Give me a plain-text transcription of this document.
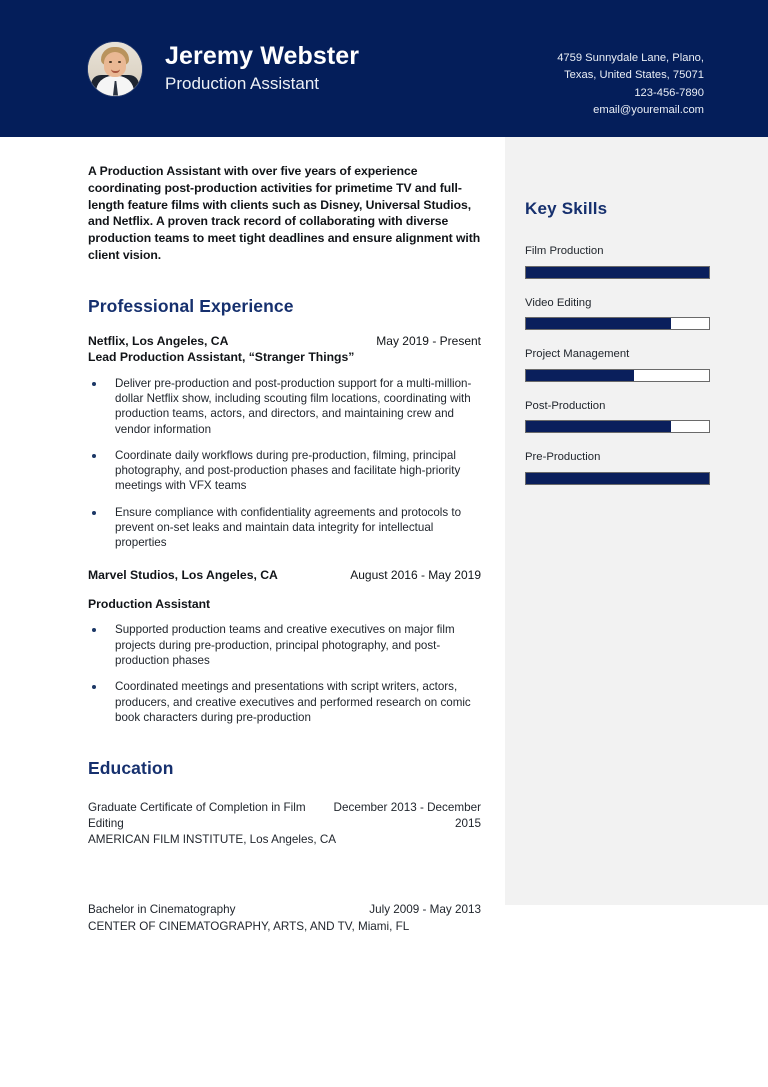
Jeremy Webster
Production Assistant
4759 Sunnydale Lane, Plano,
Texas, United States, 75071
123-456-7890
email@youremail.com
Key Skills
Film Production
Video Editing
Project Management
Post-Production
Pre-Production
A Production Assistant with over five years of experience coordinating post-production activities for primetime TV and full-length feature films with clients such as Disney, Universal Studios, and Netflix. A proven track record of collaborating with diverse production teams to meet tight deadlines and ensure alignment with client vision.
Professional Experience
Netflix, Los Angeles, CA	May 2019 - Present
Lead Production Assistant, “Stranger Things”
Deliver pre-production and post-production support for a multi-million-dollar Netflix show, including scouting film locations, coordinating with production teams, actors, and directors, and maintaining crew and vendor information
Coordinate daily workflows during pre-production, filming, principal photography, and post-production phases and facilitate high-priority meetings with VFX teams
Ensure compliance with confidentiality agreements and protocols to prevent on-set leaks and maintain data integrity for intellectual properties
Marvel Studios, Los Angeles, CA	August 2016 - May 2019
Production Assistant
Supported production teams and creative executives on major film projects during pre-production, principal photography, and post-production phases
Coordinated meetings and presentations with script writers, actors, producers, and creative executives and performed research on comic book characters during pre-production
Education
Graduate Certificate of Completion in Film Editing
December 2013 - December 2015
AMERICAN FILM INSTITUTE, Los Angeles, CA
Bachelor in Cinematography	July 2009 - May 2013
CENTER OF CINEMATOGRAPHY, ARTS, AND TV, Miami, FL
